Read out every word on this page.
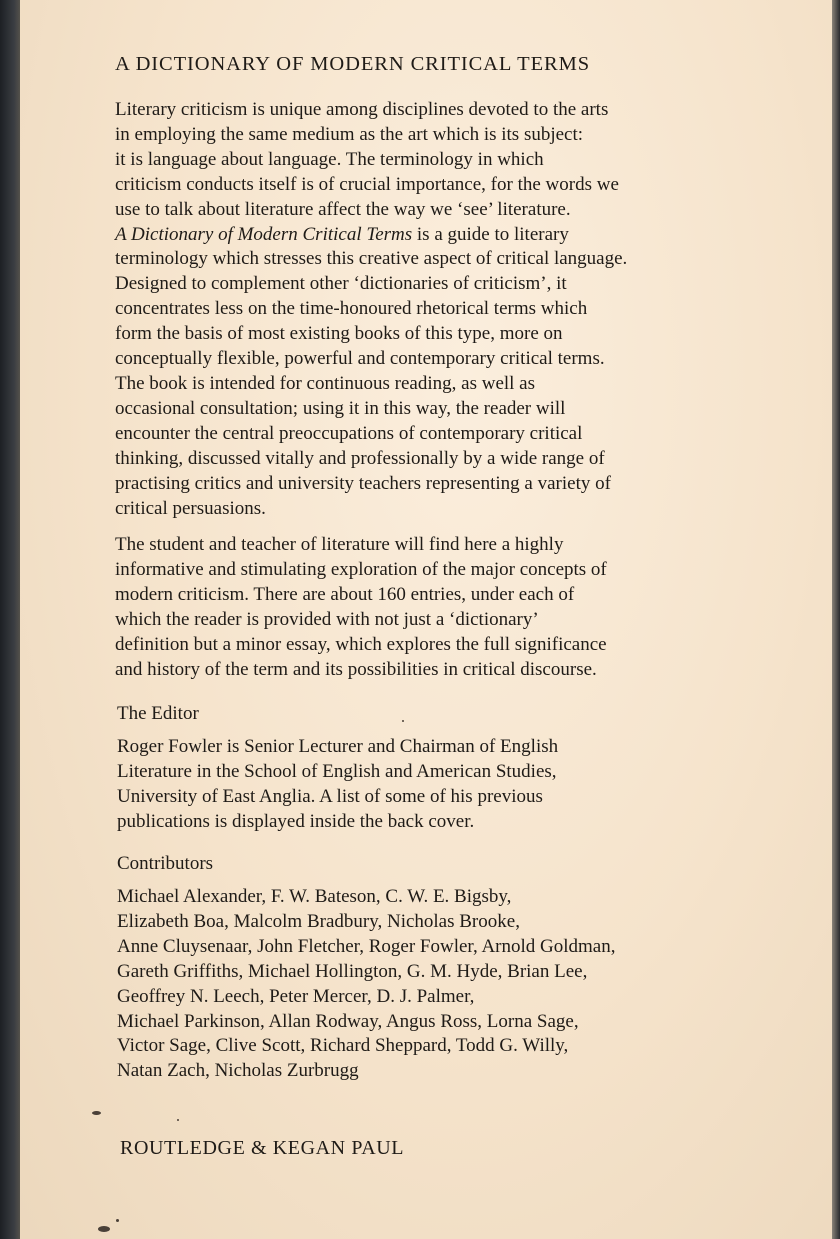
A DICTIONARY OF MODERN CRITICAL TERMS

Literary criticism is unique among disciplines devoted to the arts
in employing the same medium as the art which is its subject:
it is language about language. The terminology in which
criticism conducts itself is of crucial importance, for the words we
use to talk about literature affect the way we ‘see’ literature.
A Dictionary of Modern Critical Terms is a guide to literary
terminology which stresses this creative aspect of critical language.
Designed to complement other ‘dictionaries of criticism’, it
concentrates less on the time-honoured rhetorical terms which
form the basis of most existing books of this type, more on
conceptually flexible, powerful and contemporary critical terms.
The book is intended for continuous reading, as well as
occasional consultation; using it in this way, the reader will
encounter the central preoccupations of contemporary critical
thinking, discussed vitally and professionally by a wide range of
practising critics and university teachers representing a variety of
critical persuasions.

The student and teacher of literature will find here a highly
informative and stimulating exploration of the major concepts of
modern criticism. There are about 160 entries, under each of
which the reader is provided with not just a ‘dictionary’
definition but a minor essay, which explores the full significance
and history of the term and its possibilities in critical discourse.

The Editor

Roger Fowler is Senior Lecturer and Chairman of English
Literature in the School of English and American Studies,
University of East Anglia. A list of some of his previous
publications is displayed inside the back cover.

Contributors

Michael Alexander, F. W. Bateson, C. W. E. Bigsby,
Elizabeth Boa, Malcolm Bradbury, Nicholas Brooke,
Anne Cluysenaar, John Fletcher, Roger Fowler, Arnold Goldman,
Gareth Griffiths, Michael Hollington, G. M. Hyde, Brian Lee,
Geoffrey N. Leech, Peter Mercer, D. J. Palmer,
Michael Parkinson, Allan Rodway, Angus Ross, Lorna Sage,
Victor Sage, Clive Scott, Richard Sheppard, Todd G. Willy,
Natan Zach, Nicholas Zurbrugg

ROUTLEDGE & KEGAN PAUL
